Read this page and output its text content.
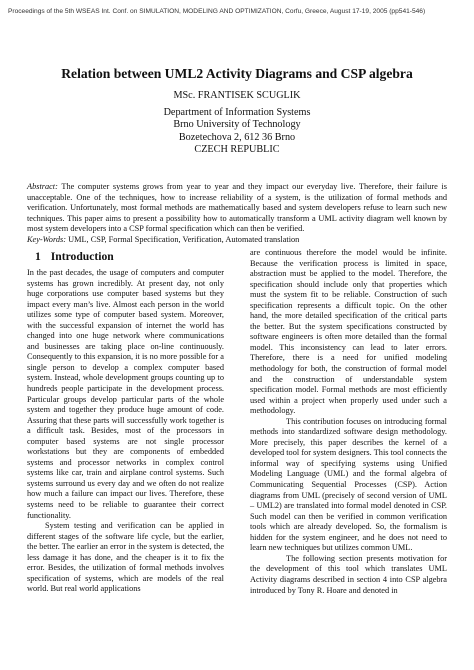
Proceedings of the 5th WSEAS Int. Conf. on SIMULATION, MODELING AND OPTIMIZATION, Corfu, Greece, August 17-19, 2005 (pp541-546)
Relation between UML2 Activity Diagrams and CSP algebra
MSc. FRANTISEK SCUGLIK
Department of Information Systems
Brno University of Technology
Bozetechova 2, 612 36 Brno
CZECH REPUBLIC
Abstract: The computer systems grows from year to year and they impact our everyday live. Therefore, their failure is unacceptable. One of the techniques, how to increase reliability of a system, is the utilization of formal methods and verification. Unfortunately, most formal methods are mathematically based and system developers refuse to learn such new techniques. This paper aims to present a possibility how to automatically transform a UML activity diagram well known by most system developers into a CSP formal specification which can then be verified.
Key-Words: UML, CSP, Formal Specification, Verification, Automated translation
1 Introduction

In the past decades, the usage of computers and computer systems has grown incredibly. At present day, not only huge corporations use computer based systems but they impact every man’s live. Almost each person in the world utilizes some type of computer based system. Moreover, with the successful expansion of internet the world has changed into one huge network where communications and businesses are taking place on-line continuously. Consequently to this expansion, it is no more possible for a single person to develop a complex computer based system. Instead, whole development groups counting up to hundreds people participate in the development process. Particular groups develop particular parts of the whole system and together they produce huge amount of code. Assuring that these parts will successfully work together is a difficult task. Besides, most of the processors in computer based systems are not single processor workstations but they are components of embedded systems and processor networks in complex control systems like car, train and airplane control systems. Such systems surround us every day and we often do not realize how much a failure can impact our lives. Therefore, these systems need to be reliable to guarantee their correct functionality.

System testing and verification can be applied in different stages of the software life cycle, but the earlier, the better. The earlier an error in the system is detected, the less damage it has done, and the cheaper is it to fix the error. Besides, the utilization of formal methods involves specification of systems, which are models of the real world. But real world applications

are continuous therefore the model would be infinite. Because the verification process is limited in space, abstraction must be applied to the model. Therefore, the specification should include only that properties which must the system fit to be reliable. Construction of such specification represents a difficult topic. On the other hand, the more detailed specification of the critical parts the better. But the system specifications constructed by software engineers is often more detailed than the formal model. This inconsistency can lead to later errors. Therefore, there is a need for unified modeling methodology for both, the construction of formal model and the construction of understandable system specification model. Formal methods are most efficiently used within a project when properly used under such a methodology.

This contribution focuses on introducing formal methods into standardized software design methodology. More precisely, this paper describes the kernel of a developed tool for system designers. This tool connects the informal way of specifying systems using Unified Modeling Language (UML) and the formal algebra of Communicating Sequential Processes (CSP). Action diagrams from UML (precisely of second version of UML – UML2) are translated into formal model denoted in CSP. Such model can then be verified in common verification tools which are already developed. So, the formalism is hidden for the system engineer, and he does not need to learn new techniques but utilizes common UML.

The following section presents motivation for the development of this tool which translates UML Activity diagrams described in section 4 into CSP algebra introduced by Tony R. Hoare and denoted in
